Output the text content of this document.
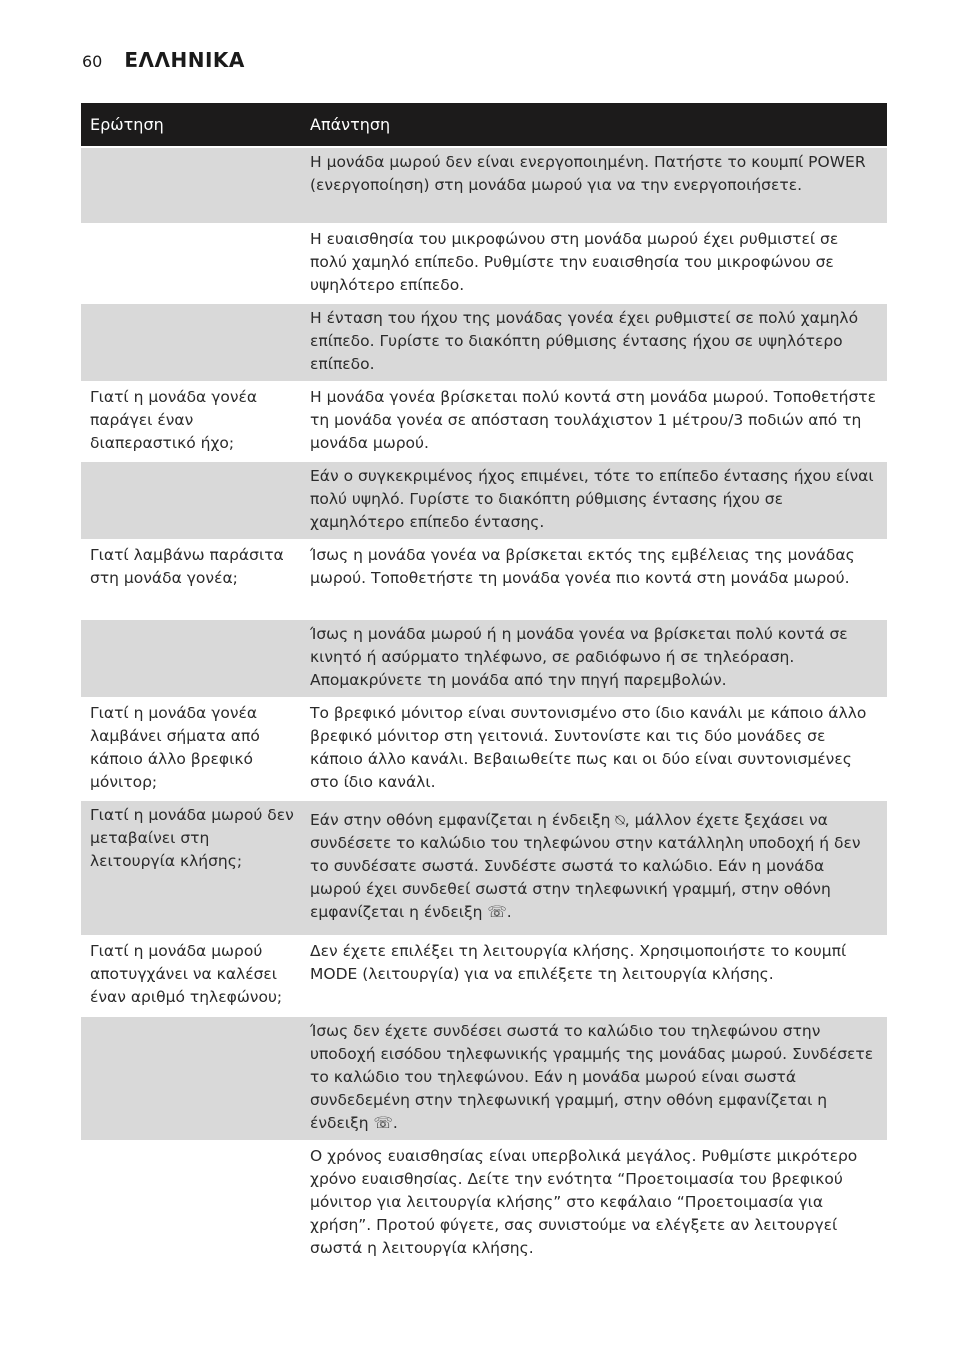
60 ΕΛΛΗΝΙΚΑ
Ερώτηση	Απάντηση
Η μονάδα μωρού δεν είναι ενεργοποιημένη. Πατήστε το κουμπί POWER (ενεργοποίηση) στη μονάδα μωρού για να την ενεργοποιήσετε.
Η ευαισθησία του μικροφώνου στη μονάδα μωρού έχει ρυθμιστεί σε πολύ χαμηλό επίπεδο. Ρυθμίστε την ευαισθησία του μικροφώνου σε υψηλότερο επίπεδο.
Η ένταση του ήχου της μονάδας γονέα έχει ρυθμιστεί σε πολύ χαμηλό επίπεδο. Γυρίστε το διακόπτη ρύθμισης έντασης ήχου σε υψηλότερο επίπεδο.
Γιατί η μονάδα γονέα παράγει έναν διαπεραστικό ήχο;
Η μονάδα γονέα βρίσκεται πολύ κοντά στη μονάδα μωρού. Τοποθετήστε τη μονάδα γονέα σε απόσταση τουλάχιστον 1 μέτρου/3 ποδιών από τη μονάδα μωρού.
Εάν ο συγκεκριμένος ήχος επιμένει, τότε το επίπεδο έντασης ήχου είναι πολύ υψηλό. Γυρίστε το διακόπτη ρύθμισης έντασης ήχου σε χαμηλότερο επίπεδο έντασης.
Γιατί λαμβάνω παράσιτα στη μονάδα γονέα;
Ίσως η μονάδα γονέα να βρίσκεται εκτός της εμβέλειας της μονάδας μωρού. Τοποθετήστε τη μονάδα γονέα πιο κοντά στη μονάδα μωρού.
Ίσως η μονάδα μωρού ή η μονάδα γονέα να βρίσκεται πολύ κοντά σε κινητό ή ασύρματο τηλέφωνο, σε ραδιόφωνο ή σε τηλεόραση. Απομακρύνετε τη μονάδα από την πηγή παρεμβολών.
Γιατί η μονάδα γονέα λαμβάνει σήματα από κάποιο άλλο βρεφικό μόνιτορ;
Το βρεφικό μόνιτορ είναι συντονισμένο στο ίδιο κανάλι με κάποιο άλλο βρεφικό μόνιτορ στη γειτονιά. Συντονίστε και τις δύο μονάδες σε κάποιο άλλο κανάλι. Βεβαιωθείτε πως και οι δύο είναι συντονισμένες στο ίδιο κανάλι.
Γιατί η μονάδα μωρού δεν μεταβαίνει στη λειτουργία κλήσης;
Εάν στην οθόνη εμφανίζεται η ένδειξη ⍉, μάλλον έχετε ξεχάσει να συνδέσετε το καλώδιο του τηλεφώνου στην κατάλληλη υποδοχή ή δεν το συνδέσατε σωστά. Συνδέστε σωστά το καλώδιο. Εάν η μονάδα μωρού έχει συνδεθεί σωστά στην τηλεφωνική γραμμή, στην οθόνη εμφανίζεται η ένδειξη ☏.
Γιατί η μονάδα μωρού αποτυγχάνει να καλέσει έναν αριθμό τηλεφώνου;
Δεν έχετε επιλέξει τη λειτουργία κλήσης. Χρησιμοποιήστε το κουμπί MODE (λειτουργία) για να επιλέξετε τη λειτουργία κλήσης.
Ίσως δεν έχετε συνδέσει σωστά το καλώδιο του τηλεφώνου στην υποδοχή εισόδου τηλεφωνικής γραμμής της μονάδας μωρού. Συνδέσετε το καλώδιο του τηλεφώνου. Εάν η μονάδα μωρού είναι σωστά συνδεδεμένη στην τηλεφωνική γραμμή, στην οθόνη εμφανίζεται η ένδειξη ☏.
Ο χρόνος ευαισθησίας είναι υπερβολικά μεγάλος. Ρυθμίστε μικρότερο χρόνο ευαισθησίας. Δείτε την ενότητα “Προετοιμασία του βρεφικού μόνιτορ για λειτουργία κλήσης” στο κεφάλαιο “Προετοιμασία για χρήση”. Προτού φύγετε, σας συνιστούμε να ελέγξετε αν λειτουργεί σωστά η λειτουργία κλήσης.
